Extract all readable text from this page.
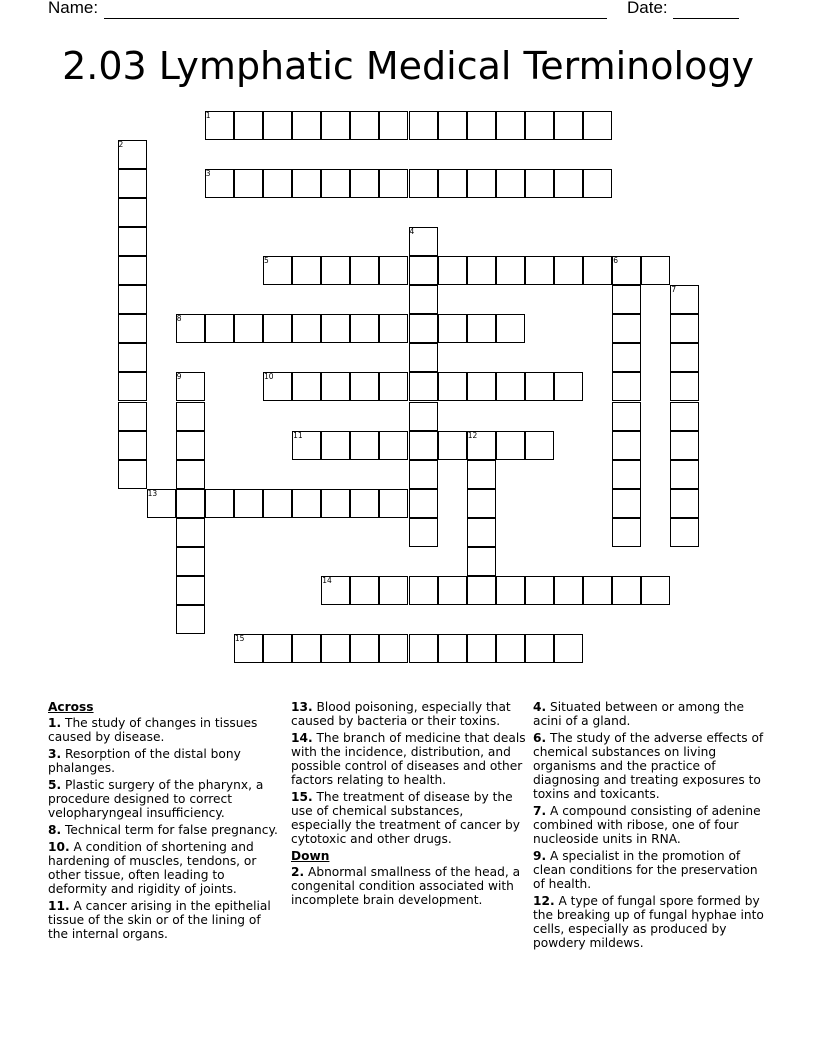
Name:	Date:
2.03 Lymphatic Medical Terminology
1
2
3
4
5	6
7
8
9	10
11	12
13
14
15
Across
1. The study of changes in tissues caused by disease.
3. Resorption of the distal bony phalanges.
5. Plastic surgery of the pharynx, a procedure designed to correct velopharyngeal insufficiency.
8. Technical term for false pregnancy.
10. A condition of shortening and hardening of muscles, tendons, or other tissue, often leading to deformity and rigidity of joints.
11. A cancer arising in the epithelial tissue of the skin or of the lining of the internal organs.
13. Blood poisoning, especially that caused by bacteria or their toxins.
14. The branch of medicine that deals with the incidence, distribution, and possible control of diseases and other factors relating to health.
15. The treatment of disease by the use of chemical substances, especially the treatment of cancer by cytotoxic and other drugs.
Down
2. Abnormal smallness of the head, a congenital condition associated with incomplete brain development.
4. Situated between or among the acini of a gland.
6. The study of the adverse effects of chemical substances on living organisms and the practice of diagnosing and treating exposures to toxins and toxicants.
7. A compound consisting of adenine combined with ribose, one of four nucleoside units in RNA.
9. A specialist in the promotion of clean conditions for the preservation of health.
12. A type of fungal spore formed by the breaking up of fungal hyphae into cells, especially as produced by powdery mildews.
